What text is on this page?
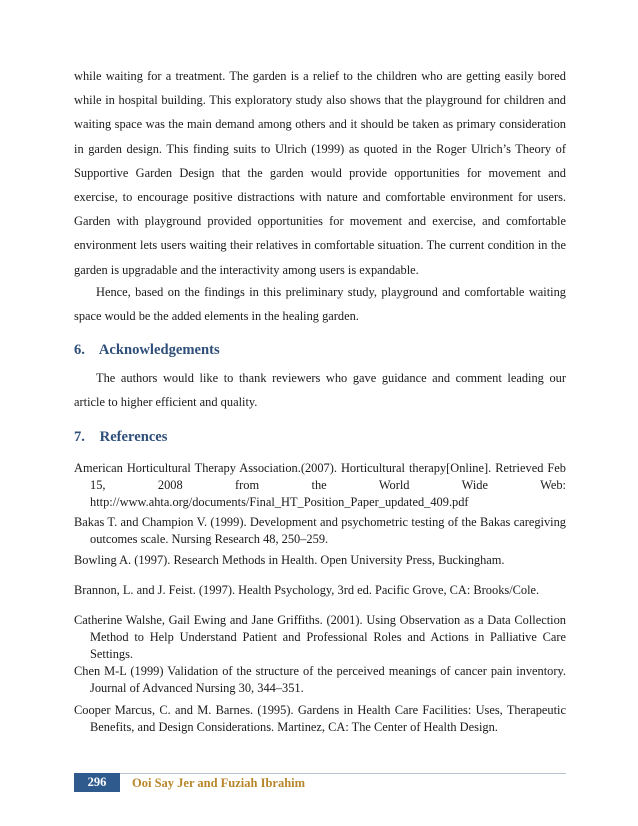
while waiting for a treatment. The garden is a relief to the children who are getting easily bored while in hospital building. This exploratory study also shows that the playground for children and waiting space was the main demand among others and it should be taken as primary consideration in garden design. This finding suits to Ulrich (1999) as quoted in the Roger Ulrich’s Theory of Supportive Garden Design that the garden would provide opportunities for movement and exercise, to encourage positive distractions with nature and comfortable environment for users. Garden with playground provided opportunities for movement and exercise, and comfortable environment lets users waiting their relatives in comfortable situation. The current condition in the garden is upgradable and the interactivity among users is expandable.

Hence, based on the findings in this preliminary study, playground and comfortable waiting space would be the added elements in the healing garden.

6. Acknowledgements

The authors would like to thank reviewers who gave guidance and comment leading our article to higher efficient and quality.

7. References

American Horticultural Therapy Association.(2007). Horticultural therapy[Online]. Retrieved Feb 15, 2008 from the World Wide Web: http://www.ahta.org/documents/Final_HT_Position_Paper_updated_409.pdf

Bakas T. and Champion V. (1999). Development and psychometric testing of the Bakas caregiving outcomes scale. Nursing Research 48, 250–259.

Bowling A. (1997). Research Methods in Health. Open University Press, Buckingham.

Brannon, L. and J. Feist. (1997). Health Psychology, 3rd ed. Pacific Grove, CA: Brooks/Cole.

Catherine Walshe, Gail Ewing and Jane Griffiths. (2001). Using Observation as a Data Collection Method to Help Understand Patient and Professional Roles and Actions in Palliative Care Settings.

Chen M-L (1999) Validation of the structure of the perceived meanings of cancer pain inventory. Journal of Advanced Nursing 30, 344–351.

Cooper Marcus, C. and M. Barnes. (1995). Gardens in Health Care Facilities: Uses, Therapeutic Benefits, and Design Considerations. Martinez, CA: The Center of Health Design.

296	Ooi Say Jer and Fuziah Ibrahim
